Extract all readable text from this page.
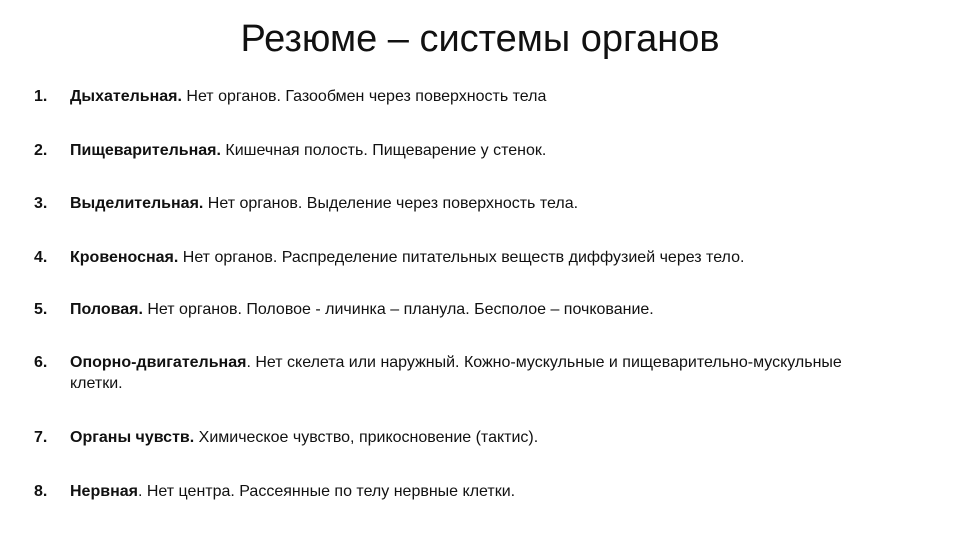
Резюме – системы органов
1.	Дыхательная. Нет органов. Газообмен через поверхность тела
2.	Пищеварительная. Кишечная полость. Пищеварение у стенок.
3.	Выделительная. Нет органов. Выделение через поверхность тела.
4.	Кровеносная. Нет органов. Распределение питательных веществ диффузией через тело.
5.	Половая. Нет органов. Половое - личинка – планула. Бесполое – почкование.
6.	Опорно-двигательная. Нет скелета или наружный. Кожно-мускульные и пищеварительно-мускульные клетки.
7.	Органы чувств. Химическое чувство, прикосновение (тактис).
8.	Нервная. Нет центра. Рассеянные по телу нервные клетки.
